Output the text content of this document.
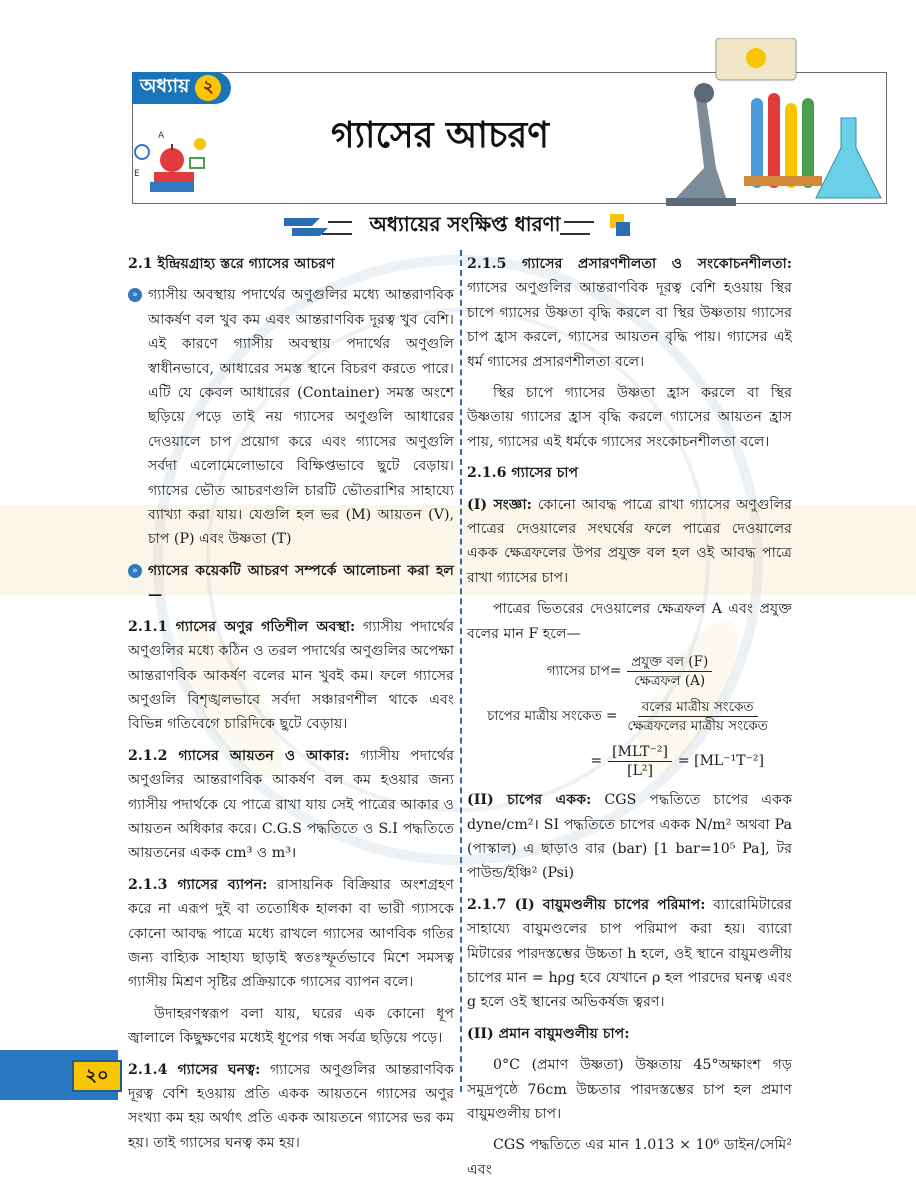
অধ্যায় ২
গ্যাসের আচরণ
A
E
অধ্যায়ের সংক্ষিপ্ত ধারণা

2.1 ইন্দ্রিয়গ্রাহ্য স্তরে গ্যাসের আচরণ

» গ্যাসীয় অবস্থায় পদার্থের অণুগুলির মধ্যে আন্তরাণবিক আকর্ষণ বল খুব কম এবং আন্তরাণবিক দূরত্ব খুব বেশি। এই কারণে গ্যাসীয় অবস্থায় পদার্থের অণুগুলি স্বাধীনভাবে, আধারের সমস্ত স্থানে বিচরণ করতে পারে। এটি যে কেবল আধারের (Container) সমস্ত অংশে ছড়িয়ে পড়ে তাই নয় গ্যাসের অণুগুলি আধারের দেওয়ালে চাপ প্রয়োগ করে এবং গ্যাসের অণুগুলি সর্বদা এলোমেলোভাবে বিক্ষিপ্তভাবে ছুটে বেড়ায়। গ্যাসের ভৌত আচরণগুলি চারটি ভৌতরাশির সাহায্যে ব্যাখ্যা করা যায়। যেগুলি হল ভর (M) আয়তন (V), চাপ (P) এবং উষ্ণতা (T)

» গ্যাসের কয়েকটি আচরণ সম্পর্কে আলোচনা করা হল—

2.1.1 গ্যাসের অণুর গতিশীল অবস্থা: গ্যাসীয় পদার্থের অণুগুলির মধ্যে কঠিন ও তরল পদার্থের অণুগুলির অপেক্ষা আন্তরাণবিক আকর্ষণ বলের মান খুবই কম। ফলে গ্যাসের অণুগুলি বিশৃঙ্খলভাবে সর্বদা সঞ্চারণশীল থাকে এবং বিভিন্ন গতিবেগে চারিদিকে ছুটে বেড়ায়।

2.1.2 গ্যাসের আয়তন ও আকার: গ্যাসীয় পদার্থের অণুগুলির আন্তরাণবিক আকর্ষণ বল কম হওয়ার জন্য গ্যাসীয় পদার্থকে যে পাত্রে রাখা যায় সেই পাত্রের আকার ও আয়তন অধিকার করে। C.G.S পদ্ধতিতে ও S.I পদ্ধতিতে আয়তনের একক cm³ ও m³।

2.1.3 গ্যাসের ব্যাপন: রাসায়নিক বিক্রিয়ার অংশগ্রহণ করে না এরূপ দুই বা ততোধিক হালকা বা ভারী গ্যাসকে কোনো আবদ্ধ পাত্রে মধ্যে রাখলে গ্যাসের আণবিক গতির জন্য বাহ্যিক সাহায্য ছাড়াই স্বতঃস্ফূর্তভাবে মিশে সমসত্ব গ্যাসীয় মিশ্রণ সৃষ্টির প্রক্রিয়াকে গ্যাসের ব্যাপন বলে।

উদাহরণস্বরূপ বলা যায়, ঘরের এক কোনো ধূপ জ্বালালে কিছুক্ষণের মধ্যেই ধূপের গন্ধ সর্বত্র ছড়িয়ে পড়ে।

2.1.4 গ্যাসের ঘনত্ব: গ্যাসের অণুগুলির আন্তরাণবিক দূরত্ব বেশি হওয়ায় প্রতি একক আয়তনে গ্যাসের অণুর সংখ্যা কম হয় অর্থাৎ প্রতি একক আয়তনে গ্যাসের ভর কম হয়। তাই গ্যাসের ঘনত্ব কম হয়।

2.1.5 গ্যাসের প্রসারণশীলতা ও সংকোচনশীলতা: গ্যাসের অণুগুলির আন্তরাণবিক দূরত্ব বেশি হওয়ায় স্থির চাপে গ্যাসের উষ্ণতা বৃদ্ধি করলে বা স্থির উষ্ণতায় গ্যাসের চাপ হ্রাস করলে, গ্যাসের আয়তন বৃদ্ধি পায়। গ্যাসের এই ধর্ম গ্যাসের প্রসারণশীলতা বলে।

স্থির চাপে গ্যাসের উষ্ণতা হ্রাস করলে বা স্থির উষ্ণতায় গ্যাসের হ্রাস বৃদ্ধি করলে গ্যাসের আয়তন হ্রাস পায়, গ্যাসের এই ধর্মকে গ্যাসের সংকোচনশীলতা বলে।

2.1.6 গ্যাসের চাপ

(I) সংজ্ঞা: কোনো আবদ্ধ পাত্রে রাখা গ্যাসের অণুগুলির পাত্রের দেওয়ালের সংঘর্ষের ফলে পাত্রের দেওয়ালের একক ক্ষেত্রফলের উপর প্রযুক্ত বল হল ওই আবদ্ধ পাত্রে রাখা গ্যাসের চাপ।

পাত্রের ভিতরের দেওয়ালের ক্ষেত্রফল A এবং প্রযুক্ত বলের মান F হলে—

গ্যাসের চাপ= $\frac{\text{প্রযুক্ত বল (F)}}{\text{ক্ষেত্রফল (A)}}$
চাপের মাত্রীয় সংকেত = $\frac{\text{বলের মাত্রীয় সংকেত}}{\text{ক্ষেত্রফলের মাত্রীয় সংকেত}}$
= $\frac{\text{[MLT⁻²]}}{\text{[L²]}} = [ML^{-1}T^{-2}]$

(II) চাপের একক: CGS পদ্ধতিতে চাপের একক dyne/cm²। SI পদ্ধতিতে চাপের একক N/m² অথবা Pa (পাস্কাল) এ ছাড়াও বার (bar) [1 bar=10⁵ Pa], টর পাউন্ড/ইঞ্চি² (Psi)

2.1.7 (I) বায়ুমণ্ডলীয় চাপের পরিমাপ: ব্যারোমিটারের সাহায্যে বায়ুমণ্ডলের চাপ পরিমাপ করা হয়। ব্যারো মিটারের পারদস্তম্ভের উচ্চতা h হলে, ওই স্থানে বায়ুমণ্ডলীয় চাপের মান = hρg হবে যেখানে ρ হল পারদের ঘনত্ব এবং g হলে ওই স্থানের অভিকর্ষজ ত্বরণ।

(II) প্রমান বায়ুমণ্ডলীয় চাপ:

0°C (প্রমাণ উষ্ণতা) উষ্ণতায় 45°অক্ষাংশ গড় সমুদ্রপৃষ্ঠে 76cm উচ্চতার পারদস্তম্ভের চাপ হল প্রমাণ বায়ুমণ্ডলীয় চাপ।

CGS পদ্ধতিতে এর মান 1.013 × 10⁶ ডাইন/সেমি² এবং

২০
